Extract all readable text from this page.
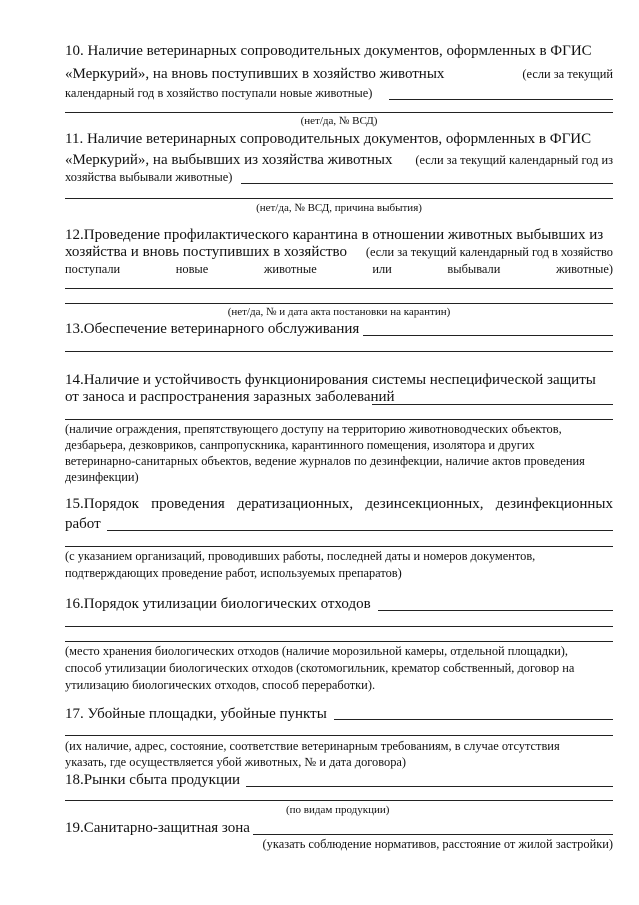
10. Наличие ветеринарных сопроводительных документов, оформленных в ФГИС
«Меркурий», на вновь поступивших в хозяйство животных	(если за текущий
календарный год в хозяйство поступали новые животные)
(нет/да, № ВСД)
11. Наличие ветеринарных сопроводительных документов, оформленных в ФГИС
«Меркурий», на выбывших из хозяйства животных (если за текущий календарный год из
хозяйства выбывали животные)
(нет/да, № ВСД, причина выбытия)
12.Проведение профилактического карантина в отношении животных выбывших из
хозяйства и вновь поступивших в хозяйство (если за текущий календарный год в хозяйство
поступали	новые	животные	или	выбывали	животные)
(нет/да, № и дата акта постановки на карантин)
13.Обеспечение ветеринарного обслуживания
14.Наличие и устойчивость функционирования системы неспецифической защиты
от заноса и распространения заразных заболеваний
(наличие ограждения, препятствующего доступу на территорию животноводческих объектов,
дезбарьера, дезковриков, санпропускника, карантинного помещения, изолятора и других
ветеринарно-санитарных объектов, ведение журналов по дезинфекции, наличие актов проведения
дезинфекции)
15.Порядок проведения дератизационных, дезинсекционных, дезинфекционных
работ
(с указанием организаций, проводивших работы, последней даты и номеров документов,
подтверждающих проведение работ, используемых препаратов)
16.Порядок утилизации биологических отходов
(место хранения биологических отходов (наличие морозильной камеры, отдельной площадки),
способ утилизации биологических отходов (скотомогильник, крематор собственный, договор на
утилизацию биологических отходов, способ переработки).
17. Убойные площадки, убойные пункты
(их наличие, адрес, состояние, соответствие ветеринарным требованиям, в случае отсутствия
указать, где осуществляется убой животных, № и дата договора)
18.Рынки сбыта продукции
(по видам продукции)
19.Санитарно-защитная зона
(указать соблюдение нормативов, расстояние от жилой застройки)
